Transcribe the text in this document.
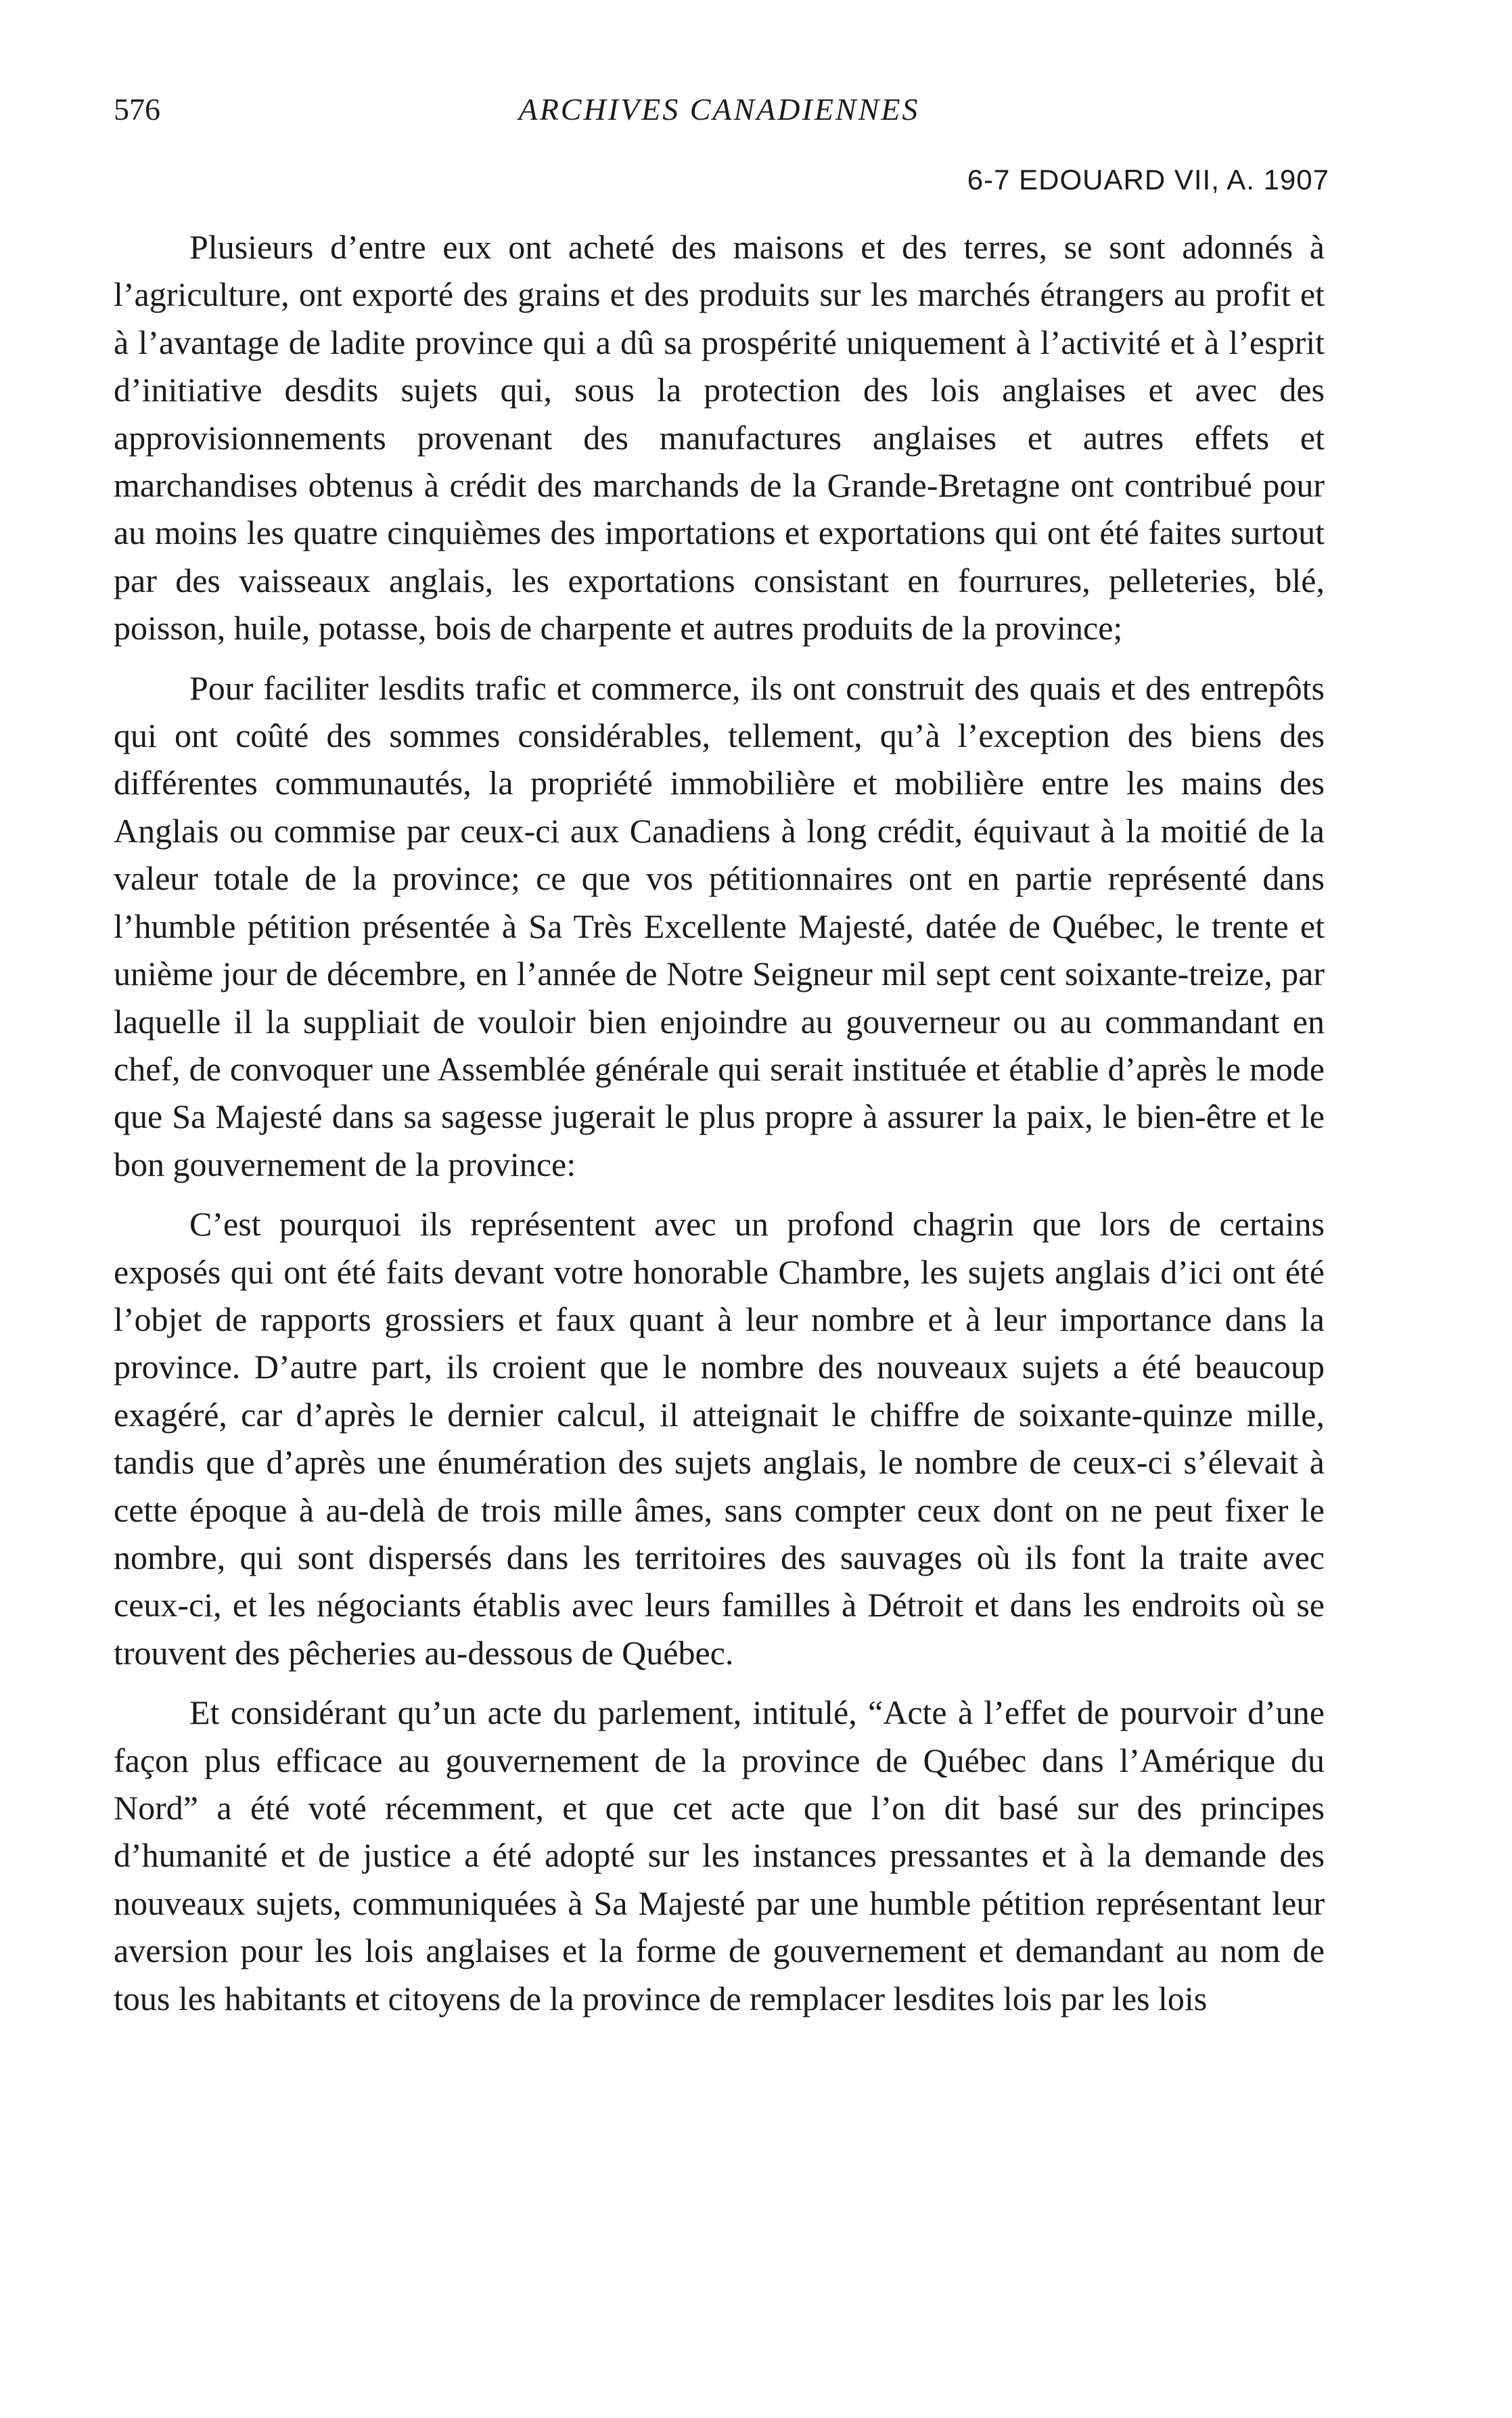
576	ARCHIVES CANADIENNES
6-7 EDOUARD VII, A. 1907

Plusieurs d’entre eux ont acheté des maisons et des terres, se sont adonnés à l’agriculture, ont exporté des grains et des produits sur les marchés étrangers au profit et à l’avantage de ladite province qui a dû sa prospérité uniquement à l’activité et à l’esprit d’initiative desdits sujets qui, sous la protection des lois anglaises et avec des approvisionnements provenant des manufactures anglaises et autres effets et marchandises obtenus à crédit des marchands de la Grande-Bretagne ont contribué pour au moins les quatre cinquièmes des importations et exportations qui ont été faites surtout par des vaisseaux anglais, les exportations consistant en fourrures, pelleteries, blé, poisson, huile, potasse, bois de charpente et autres produits de la province;

Pour faciliter lesdits trafic et commerce, ils ont construit des quais et des entrepôts qui ont coûté des sommes considérables, tellement, qu’à l’exception des biens des différentes communautés, la propriété immobilière et mobilière entre les mains des Anglais ou commise par ceux-ci aux Canadiens à long crédit, équivaut à la moitié de la valeur totale de la province; ce que vos pétitionnaires ont en partie représenté dans l’humble pétition présentée à Sa Très Excellente Majesté, datée de Québec, le trente et unième jour de décembre, en l’année de Notre Seigneur mil sept cent soixante-treize, par laquelle il la suppliait de vouloir bien enjoindre au gouverneur ou au commandant en chef, de convoquer une Assemblée générale qui serait instituée et établie d’après le mode que Sa Majesté dans sa sagesse jugerait le plus propre à assurer la paix, le bien-être et le bon gouvernement de la province:

C’est pourquoi ils représentent avec un profond chagrin que lors de certains exposés qui ont été faits devant votre honorable Chambre, les sujets anglais d’ici ont été l’objet de rapports grossiers et faux quant à leur nombre et à leur importance dans la province. D’autre part, ils croient que le nombre des nouveaux sujets a été beaucoup exagéré, car d’après le dernier calcul, il atteignait le chiffre de soixante-quinze mille, tandis que d’après une énumération des sujets anglais, le nombre de ceux-ci s’élevait à cette époque à au-delà de trois mille âmes, sans compter ceux dont on ne peut fixer le nombre, qui sont dispersés dans les territoires des sauvages où ils font la traite avec ceux-ci, et les négociants établis avec leurs familles à Détroit et dans les endroits où se trouvent des pêcheries au-dessous de Québec.

Et considérant qu’un acte du parlement, intitulé, “Acte à l’effet de pourvoir d’une façon plus efficace au gouvernement de la province de Québec dans l’Amérique du Nord” a été voté récemment, et que cet acte que l’on dit basé sur des principes d’humanité et de justice a été adopté sur les instances pressantes et à la demande des nouveaux sujets, communiquées à Sa Majesté par une humble pétition représentant leur aversion pour les lois anglaises et la forme de gouvernement et demandant au nom de tous les habitants et citoyens de la province de remplacer lesdites lois par les lois
